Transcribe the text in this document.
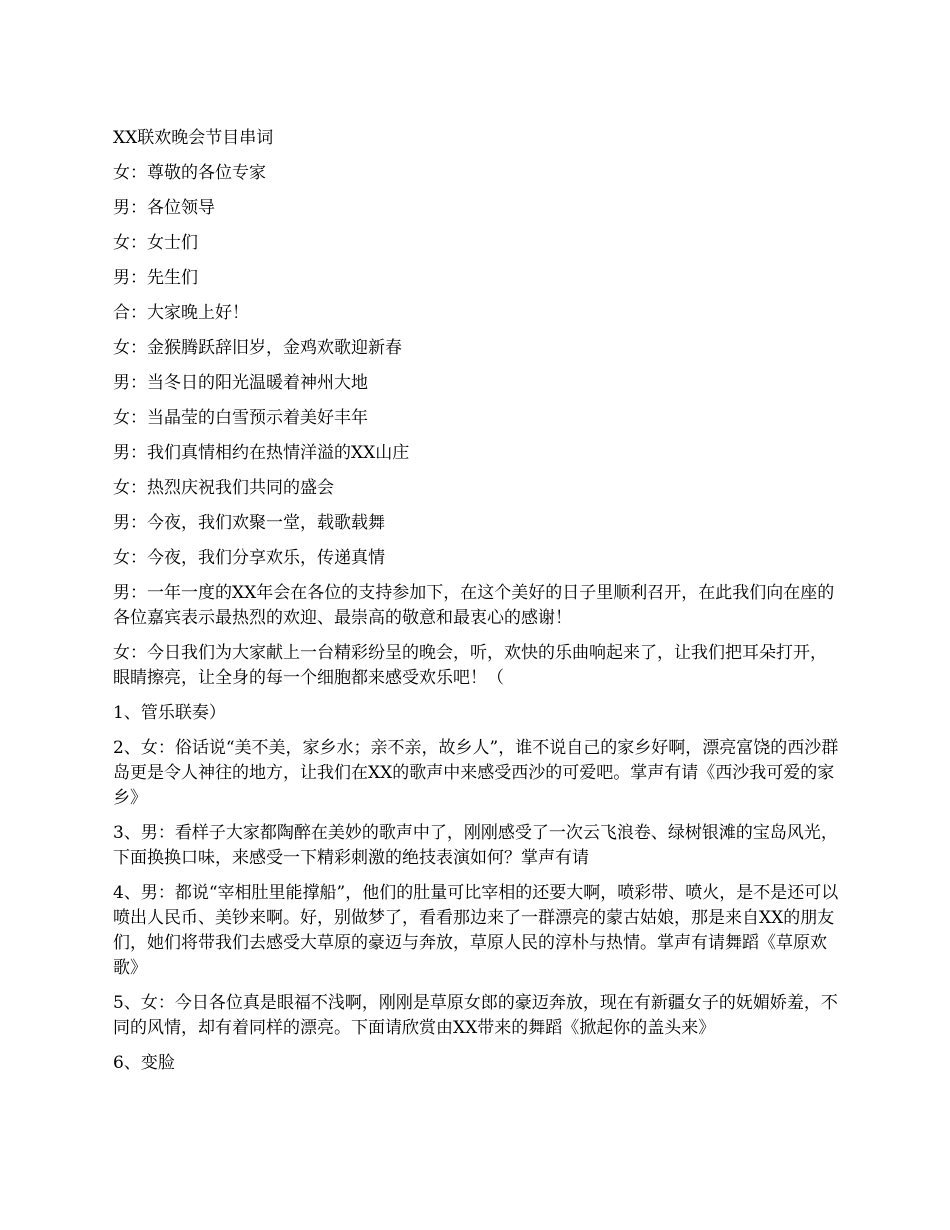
XX联欢晚会节目串词

女：尊敬的各位专家

男：各位领导

女：女士们

男：先生们

合：大家晚上好！

女：金猴腾跃辞旧岁，金鸡欢歌迎新春

男：当冬日的阳光温暖着神州大地

女：当晶莹的白雪预示着美好丰年

男：我们真情相约在热情洋溢的XX山庄

女：热烈庆祝我们共同的盛会

男：今夜，我们欢聚一堂，载歌载舞

女：今夜，我们分享欢乐，传递真情

男：一年一度的XX年会在各位的支持参加下，在这个美好的日子里顺利召开，在此我们向在座的各位嘉宾表示最热烈的欢迎、最崇高的敬意和最衷心的感谢！

女：今日我们为大家献上一台精彩纷呈的晚会，听，欢快的乐曲响起来了，让我们把耳朵打开，眼睛擦亮，让全身的每一个细胞都来感受欢乐吧！（

1、管乐联奏）

2、女：俗话说“美不美，家乡水；亲不亲，故乡人”，谁不说自己的家乡好啊，漂亮富饶的西沙群岛更是令人神往的地方，让我们在XX的歌声中来感受西沙的可爱吧。掌声有请《西沙我可爱的家乡》

3、男：看样子大家都陶醉在美妙的歌声中了，刚刚感受了一次云飞浪卷、绿树银滩的宝岛风光，下面换换口味，来感受一下精彩刺激的绝技表演如何？掌声有请

4、男：都说“宰相肚里能撑船”，他们的肚量可比宰相的还要大啊，喷彩带、喷火，是不是还可以喷出人民币、美钞来啊。好，别做梦了，看看那边来了一群漂亮的蒙古姑娘，那是来自XX的朋友们，她们将带我们去感受大草原的豪迈与奔放，草原人民的淳朴与热情。掌声有请舞蹈《草原欢歌》

5、女：今日各位真是眼福不浅啊，刚刚是草原女郎的豪迈奔放，现在有新疆女子的妩媚娇羞，不同的风情，却有着同样的漂亮。下面请欣赏由XX带来的舞蹈《掀起你的盖头来》

6、变脸
